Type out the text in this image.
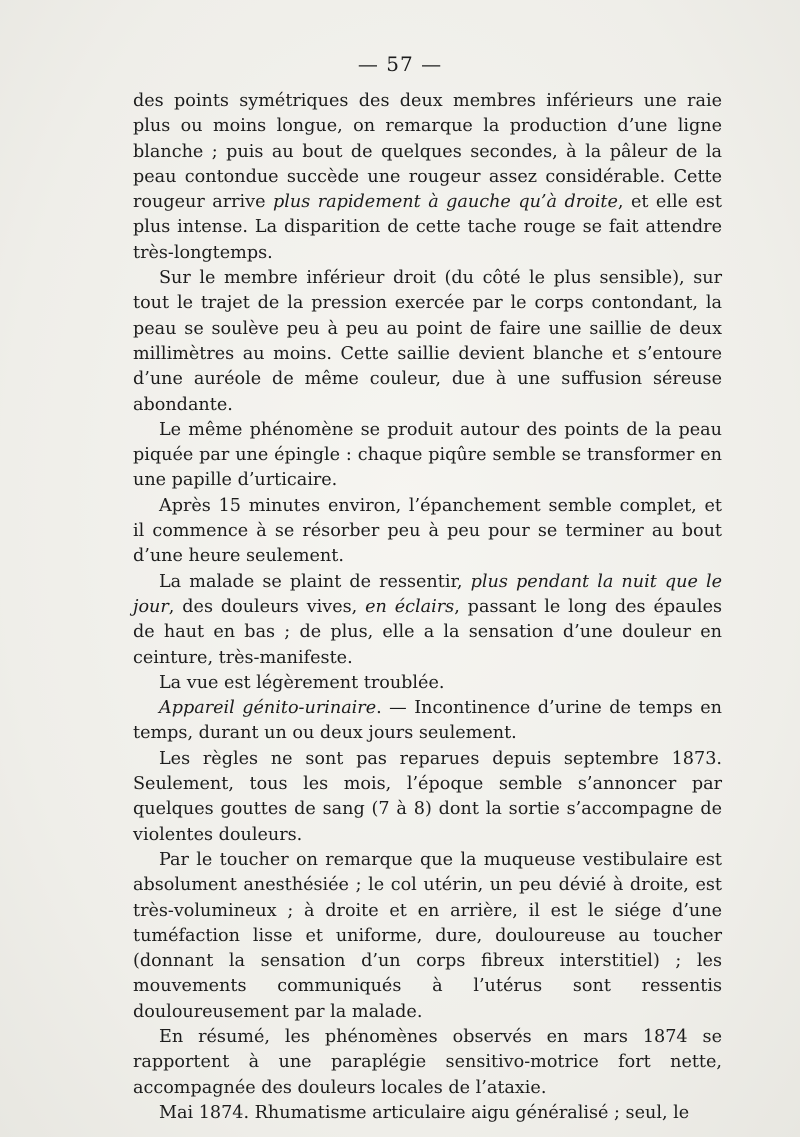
— 57 —

des points symétriques des deux membres inférieurs une raie plus ou moins longue, on remarque la production d’une ligne blanche ; puis au bout de quelques secondes, à la pâleur de la peau contondue succède une rougeur assez considérable. Cette rougeur arrive plus rapidement à gauche qu’à droite, et elle est plus intense. La disparition de cette tache rouge se fait attendre très-longtemps.

Sur le membre inférieur droit (du côté le plus sensible), sur tout le trajet de la pression exercée par le corps contondant, la peau se soulève peu à peu au point de faire une saillie de deux millimètres au moins. Cette saillie devient blanche et s’entoure d’une auréole de même couleur, due à une suffusion séreuse abondante.

Le même phénomène se produit autour des points de la peau piquée par une épingle : chaque piqûre semble se transformer en une papille d’urticaire.

Après 15 minutes environ, l’épanchement semble complet, et il commence à se résorber peu à peu pour se terminer au bout d’une heure seulement.

La malade se plaint de ressentir, plus pendant la nuit que le jour, des douleurs vives, en éclairs, passant le long des épaules de haut en bas ; de plus, elle a la sensation d’une douleur en ceinture, très-manifeste.

La vue est légèrement troublée.

Appareil génito-urinaire. — Incontinence d’urine de temps en temps, durant un ou deux jours seulement.

Les règles ne sont pas reparues depuis septembre 1873. Seulement, tous les mois, l’époque semble s’annoncer par quelques gouttes de sang (7 à 8) dont la sortie s’accompagne de violentes douleurs.

Par le toucher on remarque que la muqueuse vestibulaire est absolument anesthésiée ; le col utérin, un peu dévié à droite, est très-volumineux ; à droite et en arrière, il est le siége d’une tuméfaction lisse et uniforme, dure, douloureuse au toucher (donnant la sensation d’un corps fibreux interstitiel) ; les mouvements communiqués à l’utérus sont ressentis douloureusement par la malade.

En résumé, les phénomènes observés en mars 1874 se rapportent à une paraplégie sensitivo-motrice fort nette, accompagnée des douleurs locales de l’ataxie.

Mai 1874. Rhumatisme articulaire aigu généralisé ; seul, le
